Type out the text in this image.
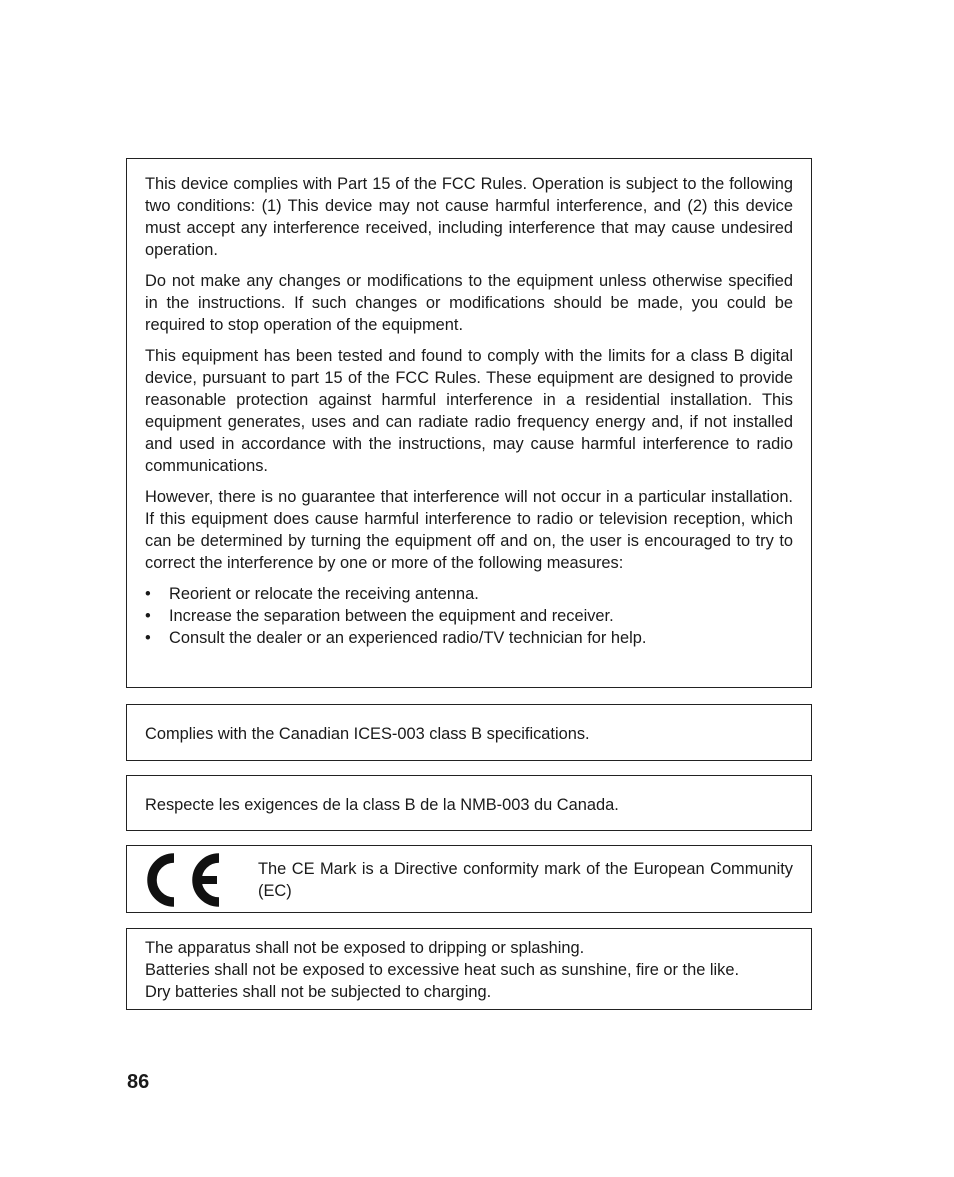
This device complies with Part 15 of the FCC Rules. Operation is subject to the following two conditions: (1) This device may not cause harmful interference, and (2) this device must accept any interference received, including interference that may cause undesired operation.

Do not make any changes or modifications to the equipment unless otherwise specified in the instructions. If such changes or modifications should be made, you could be required to stop operation of the equipment.

This equipment has been tested and found to comply with the limits for a class B digital device, pursuant to part 15 of the FCC Rules. These equipment are designed to provide reasonable protection against harmful interference in a residential installation. This equipment generates, uses and can radiate radio frequency energy and, if not installed and used in accordance with the instructions, may cause harmful interference to radio communications.

However, there is no guarantee that interference will not occur in a particular installation. If this equipment does cause harmful interference to radio or television reception, which can be determined by turning the equipment off and on, the user is encouraged to try to correct the interference by one or more of the following measures:

• Reorient or relocate the receiving antenna.
• Increase the separation between the equipment and receiver.
• Consult the dealer or an experienced radio/TV technician for help.

Complies with the Canadian ICES-003 class B specifications.

Respecte les exigences de la class B de la NMB-003 du Canada.

The CE Mark is a Directive conformity mark of the European Community (EC)

The apparatus shall not be exposed to dripping or splashing.

Batteries shall not be exposed to excessive heat such as sunshine, fire or the like.

Dry batteries shall not be subjected to charging.

86
